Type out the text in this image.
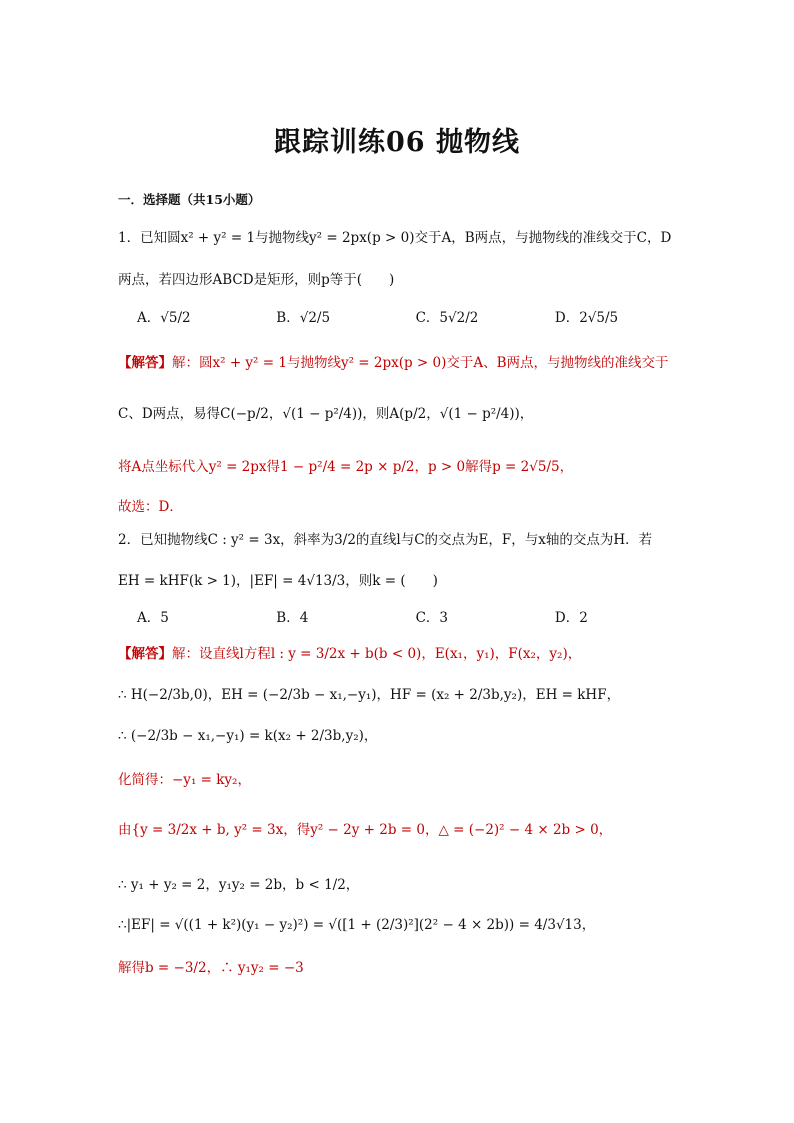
跟踪训练06 抛物线
一．选择题（共15小题）
1．已知圆x² + y² = 1与抛物线y² = 2px(p > 0)交于A，B两点，与抛物线的准线交于C，D
两点，若四边形ABCD是矩形，则p等于(　　)
A．√5/2	B．√2/5	C．5√2/2	D．2√5/5
【解答】解：圆x² + y² = 1与抛物线y² = 2px(p > 0)交于A、B两点，与抛物线的准线交于
C、D两点，易得C(−p/2，√(1 − p²/4))，则A(p/2，√(1 − p²/4))，
将A点坐标代入y² = 2px得1 − p²/4 = 2p × p/2，p > 0解得p = 2√5/5，
故选：D．
2．已知抛物线C : y² = 3x，斜率为3/2的直线l与C的交点为E，F，与x轴的交点为H．若
EH = kHF(k > 1)，|EF| = 4√13/3，则k = (　　)
A．5	B．4	C．3	D．2
【解答】解：设直线l方程l : y = 3/2x + b(b < 0)，E(x₁，y₁)，F(x₂，y₂)，
∴ H(−2/3b,0)，EH = (−2/3b − x₁,−y₁)，HF = (x₂ + 2/3b,y₂)，EH = kHF，
∴ (−2/3b − x₁,−y₁) = k(x₂ + 2/3b,y₂)，
化简得：−y₁ = ky₂，
由{y = 3/2x + b, y² = 3x，得y² − 2y + 2b = 0，△ = (−2)² − 4 × 2b > 0，
∴ y₁ + y₂ = 2，y₁y₂ = 2b，b < 1/2，
∴|EF| = √((1 + k²)(y₁ − y₂)²) = √([1 + (2/3)²](2² − 4 × 2b)) = 4/3√13，
解得b = −3/2，∴ y₁y₂ = −3
